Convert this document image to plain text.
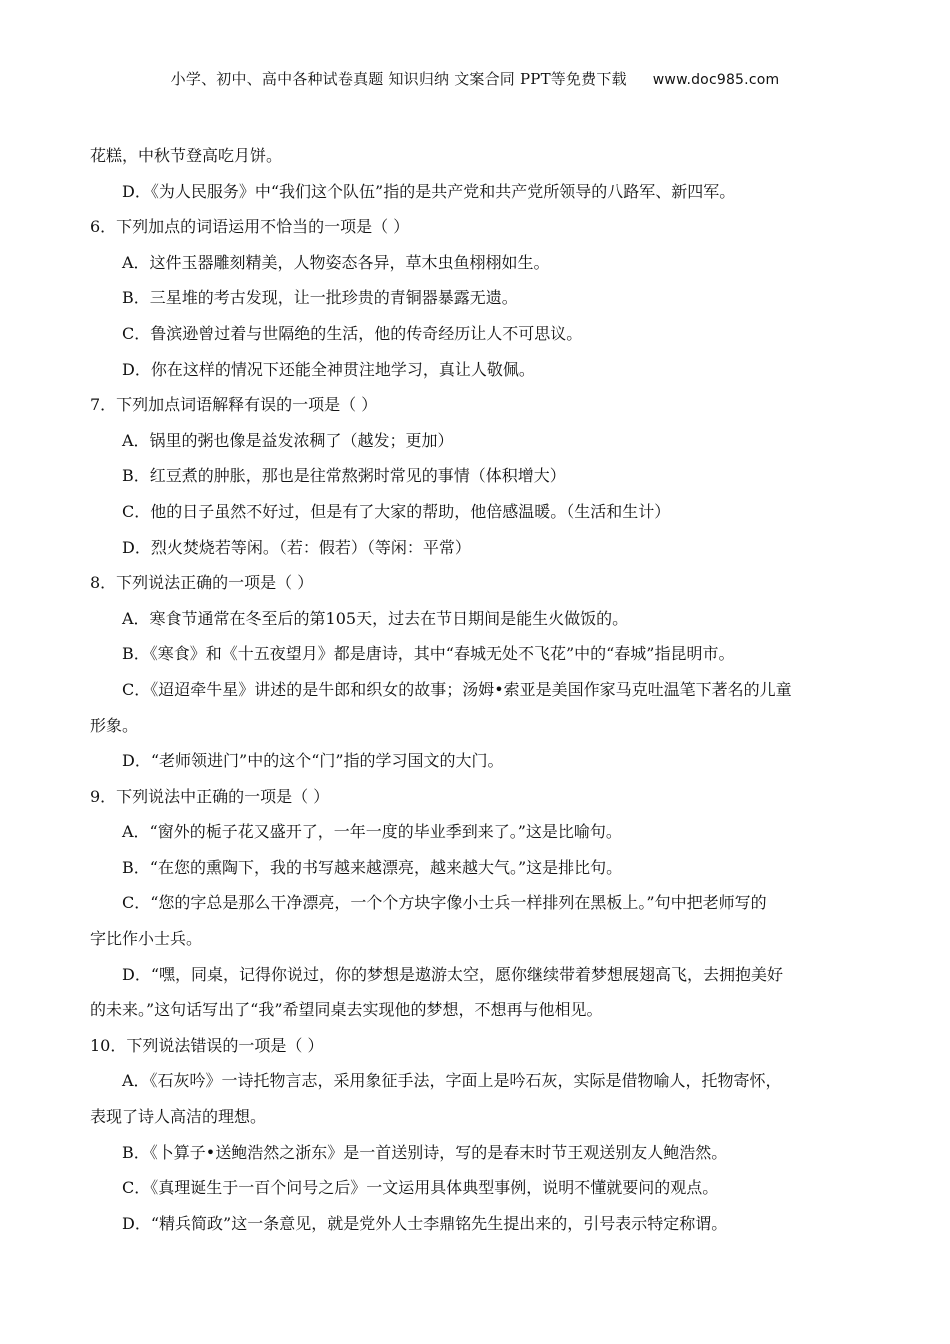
小学、初中、高中各种试卷真题 知识归纳 文案合同 PPT等免费下载 www.doc985.com
花糕，中秋节登高吃月饼。
D．《为人民服务》中“我们这个队伍”指的是共产党和共产党所领导的八路军、新四军。
6．下列加点的词语运用不恰当的一项是（ ）
A．这件玉器雕刻精美，人物姿态各异，草木虫鱼栩栩如生。
B．三星堆的考古发现，让一批珍贵的青铜器暴露无遗。
C．鲁滨逊曾过着与世隔绝的生活，他的传奇经历让人不可思议。
D．你在这样的情况下还能全神贯注地学习，真让人敬佩。
7．下列加点词语解释有误的一项是（ ）
A．锅里的粥也像是益发浓稠了（越发；更加）
B．红豆煮的肿胀，那也是往常熬粥时常见的事情（体积增大）
C．他的日子虽然不好过，但是有了大家的帮助，他倍感温暖。（生活和生计）
D．烈火焚烧若等闲。（若：假若）（等闲：平常）
8．下列说法正确的一项是（ ）
A．寒食节通常在冬至后的第105天，过去在节日期间是能生火做饭的。
B．《寒食》和《十五夜望月》都是唐诗，其中“春城无处不飞花”中的“春城”指昆明市。
C．《迢迢牵牛星》讲述的是牛郎和织女的故事；汤姆•索亚是美国作家马克吐温笔下著名的儿童
形象。
D．“老师领进门”中的这个“门”指的学习国文的大门。
9．下列说法中正确的一项是（ ）
A．“窗外的栀子花又盛开了，一年一度的毕业季到来了。”这是比喻句。
B．“在您的熏陶下，我的书写越来越漂亮，越来越大气。”这是排比句。
C．“您的字总是那么干净漂亮，一个个方块字像小士兵一样排列在黑板上。”句中把老师写的
字比作小士兵。
D．“嘿，同桌，记得你说过，你的梦想是遨游太空，愿你继续带着梦想展翅高飞，去拥抱美好
的未来。”这句话写出了“我”希望同桌去实现他的梦想，不想再与他相见。
10．下列说法错误的一项是（ ）
A．《石灰吟》一诗托物言志，采用象征手法，字面上是吟石灰，实际是借物喻人，托物寄怀，
表现了诗人高洁的理想。
B．《卜算子•送鲍浩然之浙东》是一首送别诗，写的是春末时节王观送别友人鲍浩然。
C．《真理诞生于一百个问号之后》一文运用具体典型事例，说明不懂就要问的观点。
D．“精兵简政”这一条意见，就是党外人士李鼎铭先生提出来的，引号表示特定称谓。
